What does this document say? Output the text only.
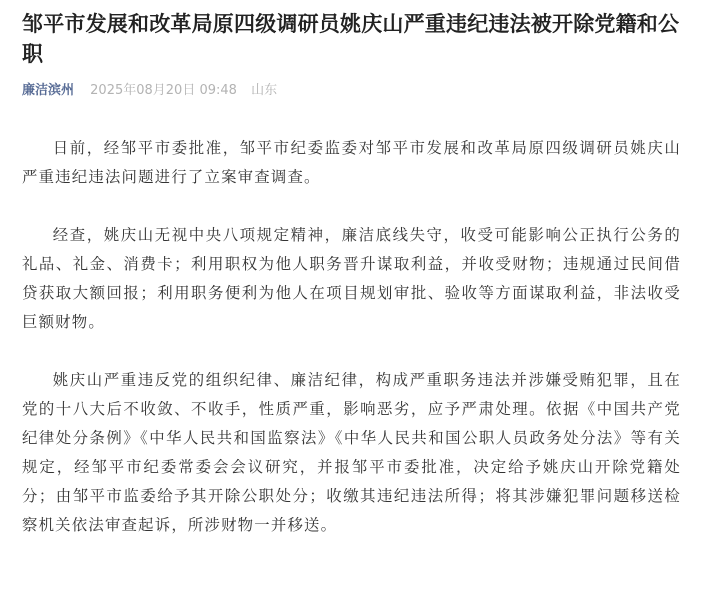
邹平市发展和改革局原四级调研员姚庆山严重违纪违法被开除党籍和公职
廉洁滨州 2025年08月20日 09:48 山东

日前，经邹平市委批准，邹平市纪委监委对邹平市发展和改革局原四级调研员姚庆山严重违纪违法问题进行了立案审查调查。

经查，姚庆山无视中央八项规定精神，廉洁底线失守，收受可能影响公正执行公务的礼品、礼金、消费卡；利用职权为他人职务晋升谋取利益，并收受财物；违规通过民间借贷获取大额回报；利用职务便利为他人在项目规划审批、验收等方面谋取利益，非法收受巨额财物。

姚庆山严重违反党的组织纪律、廉洁纪律，构成严重职务违法并涉嫌受贿犯罪，且在党的十八大后不收敛、不收手，性质严重，影响恶劣，应予严肃处理。依据《中国共产党纪律处分条例》《中华人民共和国监察法》《中华人民共和国公职人员政务处分法》等有关规定，经邹平市纪委常委会会议研究，并报邹平市委批准，决定给予姚庆山开除党籍处分；由邹平市监委给予其开除公职处分；收缴其违纪违法所得；将其涉嫌犯罪问题移送检察机关依法审查起诉，所涉财物一并移送。
